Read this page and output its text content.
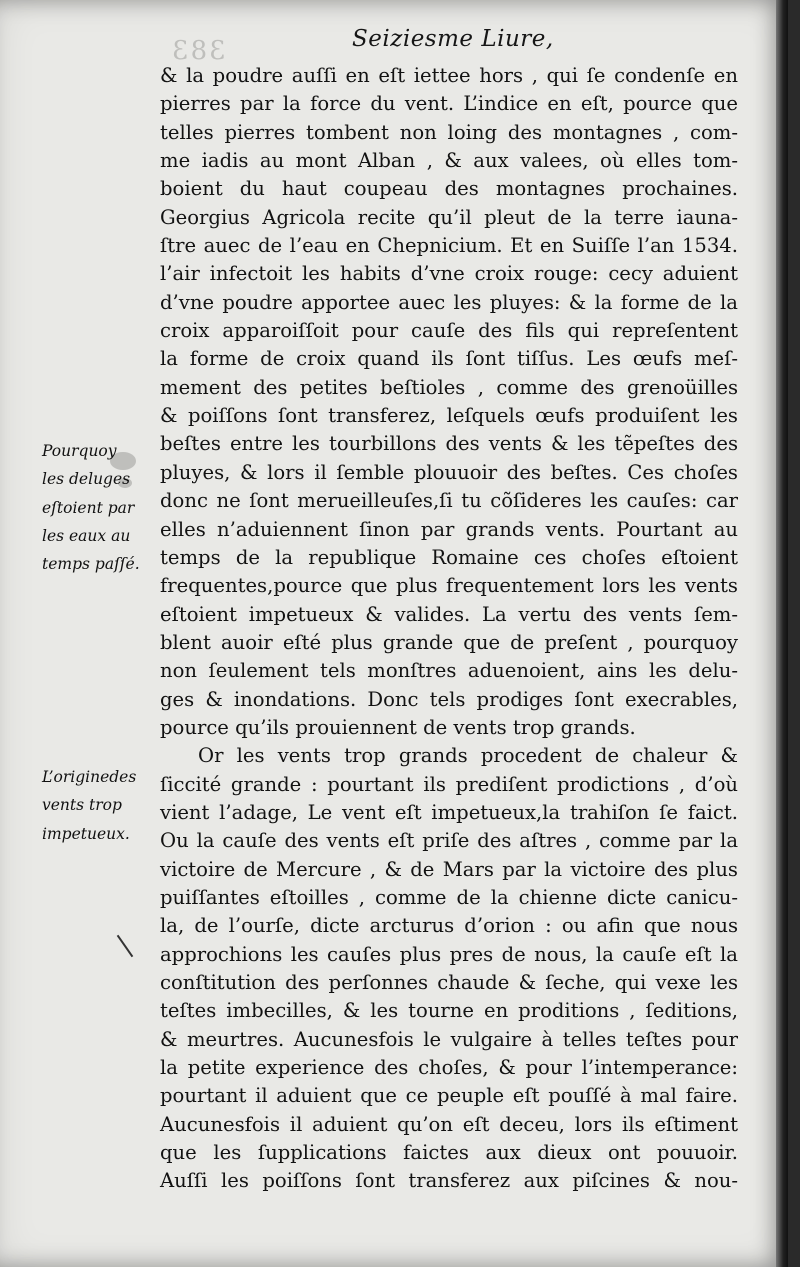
383	Seiziesme Liure,
& la poudre auſſi en eſt iettee hors , qui ſe condenſe en
pierres par la force du vent. L’indice en eſt, pource que
telles pierres tombent non loing des montagnes , com-
me iadis au mont Alban , & aux valees, où elles tom-
boient du haut coupeau des montagnes prochaines.
Georgius Agricola recite qu’il pleut de la terre iauna-
ſtre auec de l’eau en Chepnicium. Et en Suiſſe l’an 1534.
l’air infectoit les habits d’vne croix rouge: cecy aduient
d’vne poudre apportee auec les pluyes: & la forme de la
croix apparoiſſoit pour cauſe des fils qui repreſentent
la forme de croix quand ils ſont tiſſus. Les œufs meſ-
mement des petites beſtioles , comme des grenoüilles
& poiſſons ſont transferez, leſquels œufs produiſent les
beſtes entre les tourbillons des vents & les tẽpeſtes des
pluyes, & lors il ſemble plouuoir des beſtes. Ces choſes
donc ne ſont merueilleuſes,ſi tu cõſideres les cauſes: car
elles n’aduiennent ſinon par grands vents. Pourtant au
temps de la republique Romaine ces choſes eſtoient
frequentes,pource que plus frequentement lors les vents
eſtoient impetueux & valides. La vertu des vents ſem-
blent auoir eſté plus grande que de preſent , pourquoy
non ſeulement tels monſtres aduenoient, ains les delu-
ges & inondations. Donc tels prodiges ſont execrables,
pource qu’ils prouiennent de vents trop grands.
Or les vents trop grands procedent de chaleur &
ſiccité grande : pourtant ils prediſent prodictions , d’où
vient l’adage, Le vent eſt impetueux,la trahiſon ſe faict.
Ou la cauſe des vents eſt priſe des aſtres , comme par la
victoire de Mercure , & de Mars par la victoire des plus
puiſſantes eſtoilles , comme de la chienne dicte canicu-
la, de l’ourſe, dicte arcturus d’orion : ou afin que nous
approchions les cauſes plus pres de nous, la cauſe eſt la
conſtitution des perſonnes chaude & ſeche, qui vexe les
teſtes imbecilles, & les tourne en proditions , ſeditions,
& meurtres. Aucunesfois le vulgaire à telles teſtes pour
la petite experience des choſes, & pour l’intemperance:
pourtant il aduient que ce peuple eſt pouſſé à mal faire.
Aucunesfois il aduient qu’on eſt deceu, lors ils eſtiment
que les ſupplications faictes aux dieux ont pouuoir.
Auſſi les poiſſons ſont transferez aux piſcines & nou-
Pourquoy
les deluges
eſtoient par
les eaux au
temps paſſé.
L’originedes
vents trop
impetueux.
